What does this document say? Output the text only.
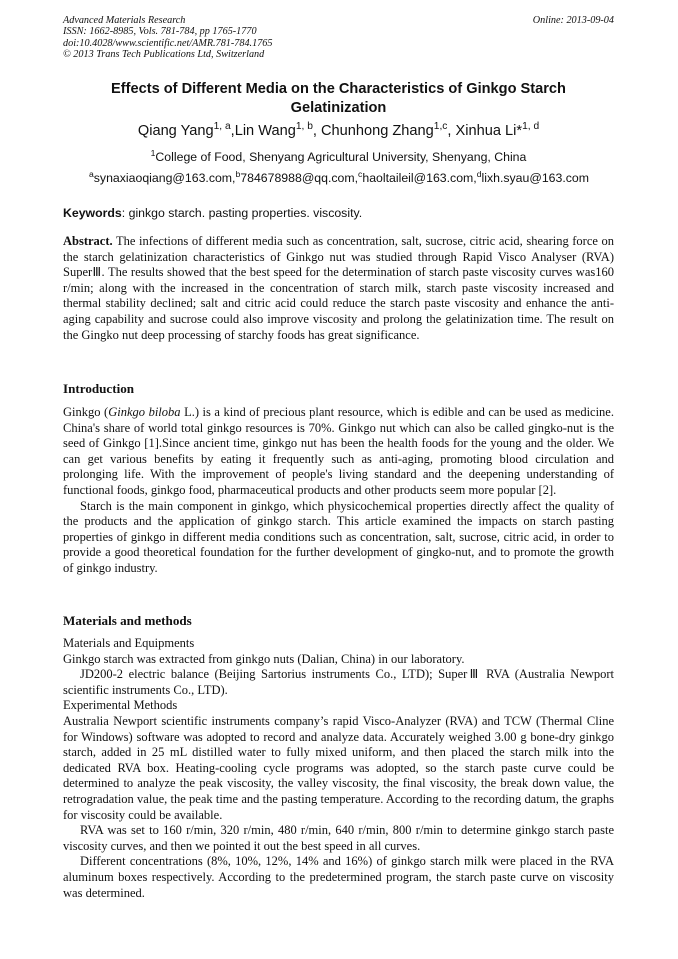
Advanced Materials Research
ISSN: 1662-8985, Vols. 781-784, pp 1765-1770
doi:10.4028/www.scientific.net/AMR.781-784.1765
© 2013 Trans Tech Publications Ltd, Switzerland
Online: 2013-09-04
Effects of Different Media on the Characteristics of Ginkgo Starch
Gelatinization
Qiang Yang$^{1, a}$,Lin Wang$^{1, b}$, Chunhong Zhang$^{1,c}$, Xinhua Li*$^{1, d}$
$^1$College of Food, Shenyang Agricultural University, Shenyang, China
$^a$synaxiaoqiang@163.com,$^b$784678988@qq.com,$^c$haoltaileil@163.com,$^d$lixh.syau@163.com
Keywords: ginkgo starch. pasting properties. viscosity.

Abstract. The infections of different media such as concentration, salt, sucrose, citric acid, shearing force on the starch gelatinization characteristics of Ginkgo nut was studied through Rapid Visco Analyser (RVA) SuperⅢ. The results showed that the best speed for the determination of starch paste viscosity curves was160 r/min; along with the increased in the concentration of starch milk, starch paste viscosity increased and thermal stability declined; salt and citric acid could reduce the starch paste viscosity and enhance the anti-aging capability and sucrose could also improve viscosity and prolong the gelatinization time. The result on the Gingko nut deep processing of starchy foods has great significance.

Introduction

Ginkgo (Ginkgo biloba L.) is a kind of precious plant resource, which is edible and can be used as medicine. China's share of world total ginkgo resources is 70%. Ginkgo nut which can also be called gingko-nut is the seed of Ginkgo [1].Since ancient time, ginkgo nut has been the health foods for the young and the older. We can get various benefits by eating it frequently such as anti-aging, promoting blood circulation and prolonging life. With the improvement of people's living standard and the deepening understanding of functional foods, ginkgo food, pharmaceutical products and other products seem more popular [2].

Starch is the main component in ginkgo, which physicochemical properties directly affect the quality of the products and the application of ginkgo starch. This article examined the impacts on starch pasting properties of ginkgo in different media conditions such as concentration, salt, sucrose, citric acid, in order to provide a good theoretical foundation for the further development of gingko-nut, and to promote the growth of ginkgo industry.

Materials and methods

Materials and Equipments

Ginkgo starch was extracted from ginkgo nuts (Dalian, China) in our laboratory.

JD200-2 electric balance (Beijing Sartorius instruments Co., LTD); SuperⅢ RVA (Australia Newport scientific instruments Co., LTD).

Experimental Methods

Australia Newport scientific instruments company’s rapid Visco-Analyzer (RVA) and TCW (Thermal Cline for Windows) software was adopted to record and analyze data. Accurately weighed 3.00 g bone-dry ginkgo starch, added in 25 mL distilled water to fully mixed uniform, and then placed the starch milk into the dedicated RVA box. Heating-cooling cycle programs was adopted, so the starch paste curve could be determined to analyze the peak viscosity, the valley viscosity, the final viscosity, the break down value, the retrogradation value, the peak time and the pasting temperature. According to the recording datum, the graphs for viscosity could be available.

RVA was set to 160 r/min, 320 r/min, 480 r/min, 640 r/min, 800 r/min to determine ginkgo starch paste viscosity curves, and then we pointed it out the best speed in all curves.

Different concentrations (8%, 10%, 12%, 14% and 16%) of ginkgo starch milk were placed in the RVA aluminum boxes respectively. According to the predetermined program, the starch paste curve on viscosity was determined.
